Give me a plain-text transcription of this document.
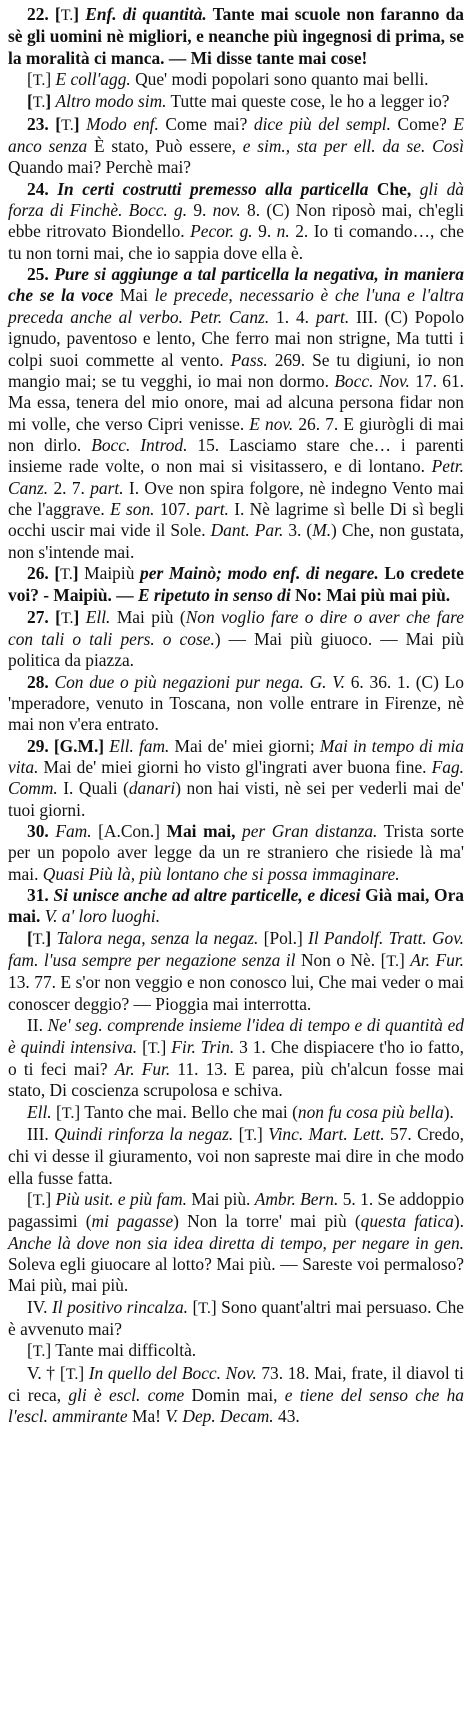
22. [T.] Enf. di quantità. Tante mai scuole non faranno da sè gli uomini nè migliori, e neanche più ingegnosi di prima, se la moralità ci manca. — Mi disse tante mai cose!

[T.] E coll'agg. Que' modi popolari sono quanto mai belli.

[T.] Altro modo sim. Tutte mai queste cose, le ho a legger io?

23. [T.] Modo enf. Come mai? dice più del sempl. Come? E anco senza È stato, Può essere, e sim., sta per ell. da se. Così Quando mai? Perchè mai?

24. In certi costrutti premesso alla particella Che, gli dà forza di Finchè. Bocc. g. 9. nov. 8. (C) Non riposò mai, ch'egli ebbe ritrovato Biondello. Pecor. g. 9. n. 2. Io ti comando…, che tu non torni mai, che io sappia dove ella è.

25. Pure si aggiunge a tal particella la negativa, in maniera che se la voce Mai le precede, necessario è che l'una e l'altra preceda anche al verbo. Petr. Canz. 1. 4. part. III. (C) Popolo ignudo, paventoso e lento, Che ferro mai non strigne, Ma tutti i colpi suoi commette al vento. Pass. 269. Se tu digiuni, io non mangio mai; se tu vegghi, io mai non dormo. Bocc. Nov. 17. 61. Ma essa, tenera del mio onore, mai ad alcuna persona fidar non mi volle, che verso Cipri venisse. E nov. 26. 7. E giurògli di mai non dirlo. Bocc. Introd. 15. Lasciamo stare che… i parenti insieme rade volte, o non mai si visitassero, e di lontano. Petr. Canz. 2. 7. part. I. Ove non spira folgore, nè indegno Vento mai che l'aggrave. E son. 107. part. I. Nè lagrime sì belle Di sì begli occhi uscir mai vide il Sole. Dant. Par. 3. (M.) Che, non gustata, non s'intende mai.

26. [T.] Maipiù per Mainò; modo enf. di negare. Lo credete voi? - Maipiù. — E ripetuto in senso di No: Mai più mai più.

27. [T.] Ell. Mai più (Non voglio fare o dire o aver che fare con tali o tali pers. o cose.) — Mai più giuoco. — Mai più politica da piazza.

28. Con due o più negazioni pur nega. G. V. 6. 36. 1. (C) Lo 'mperadore, venuto in Toscana, non volle entrare in Firenze, nè mai non v'era entrato.

29. [G.M.] Ell. fam. Mai de' miei giorni; Mai in tempo di mia vita. Mai de' miei giorni ho visto gl'ingrati aver buona fine. Fag. Comm. I. Quali (danari) non hai visti, nè sei per vederli mai de' tuoi giorni.

30. Fam. [A.Con.] Mai mai, per Gran distanza. Trista sorte per un popolo aver legge da un re straniero che risiede là ma' mai. Quasi Più là, più lontano che si possa immaginare.

31. Si unisce anche ad altre particelle, e dicesi Già mai, Ora mai. V. a' loro luoghi.

[T.] Talora nega, senza la negaz. [Pol.] Il Pandolf. Tratt. Gov. fam. l'usa sempre per negazione senza il Non o Nè. [T.] Ar. Fur. 13. 77. E s'or non veggio e non conosco lui, Che mai veder o mai conoscer deggio? — Pioggia mai interrotta.

II. Ne' seg. comprende insieme l'idea di tempo e di quantità ed è quindi intensiva. [T.] Fir. Trin. 3 1. Che dispiacere t'ho io fatto, o ti feci mai? Ar. Fur. 11. 13. E parea, più ch'alcun fosse mai stato, Di coscienza scrupolosa e schiva.

Ell. [T.] Tanto che mai. Bello che mai (non fu cosa più bella).

III. Quindi rinforza la negaz. [T.] Vinc. Mart. Lett. 57. Credo, chi vi desse il giuramento, voi non sapreste mai dire in che modo ella fusse fatta.

[T.] Più usit. e più fam. Mai più. Ambr. Bern. 5. 1. Se addoppio pagassimi (mi pagasse) Non la torre' mai più (questa fatica). Anche là dove non sia idea diretta di tempo, per negare in gen. Soleva egli giuocare al lotto? Mai più. — Sareste voi permaloso? Mai più, mai più.

IV. Il positivo rincalza. [T.] Sono quant'altri mai persuaso. Che è avvenuto mai?

[T.] Tante mai difficoltà.

V. † [T.] In quello del Bocc. Nov. 73. 18. Mai, frate, il diavol ti ci reca, gli è escl. come Domin mai, e tiene del senso che ha l'escl. ammirante Ma! V. Dep. Decam. 43.
